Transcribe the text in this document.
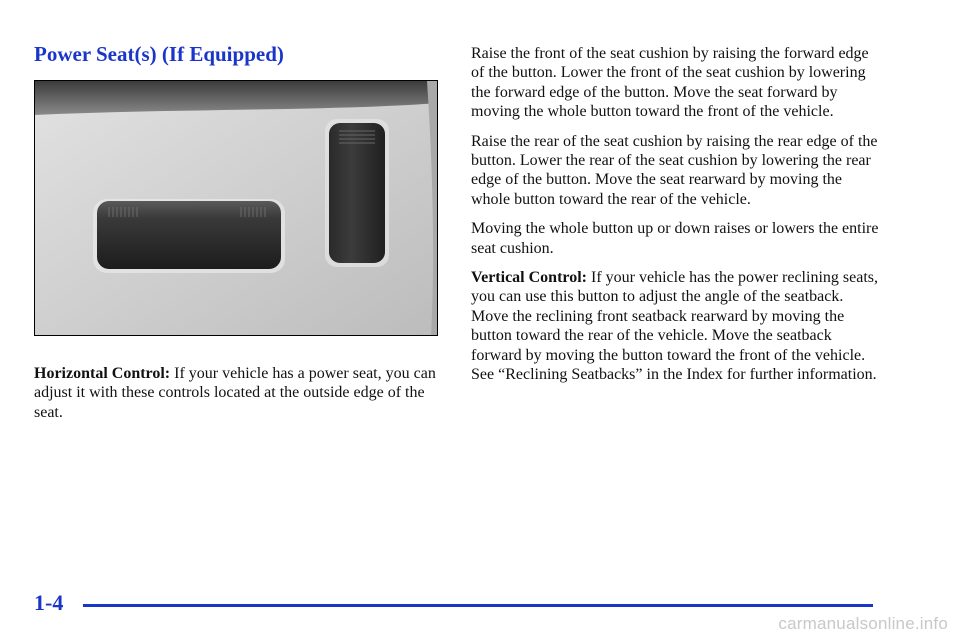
Power Seat(s) (If Equipped)

Horizontal Control: If your vehicle has a power seat, you can adjust it with these controls located at the outside edge of the seat.

Raise the front of the seat cushion by raising the forward edge of the button. Lower the front of the seat cushion by lowering the forward edge of the button. Move the seat forward by moving the whole button toward the front of the vehicle.

Raise the rear of the seat cushion by raising the rear edge of the button. Lower the rear of the seat cushion by lowering the rear edge of the button. Move the seat rearward by moving the whole button toward the rear of the vehicle.

Moving the whole button up or down raises or lowers the entire seat cushion.

Vertical Control: If your vehicle has the power reclining seats, you can use this button to adjust the angle of the seatback. Move the reclining front seatback rearward by moving the button toward the rear of the vehicle. Move the seatback forward by moving the button toward the front of the vehicle. See “Reclining Seatbacks” in the Index for further information.

1-4
carmanualsonline.info
